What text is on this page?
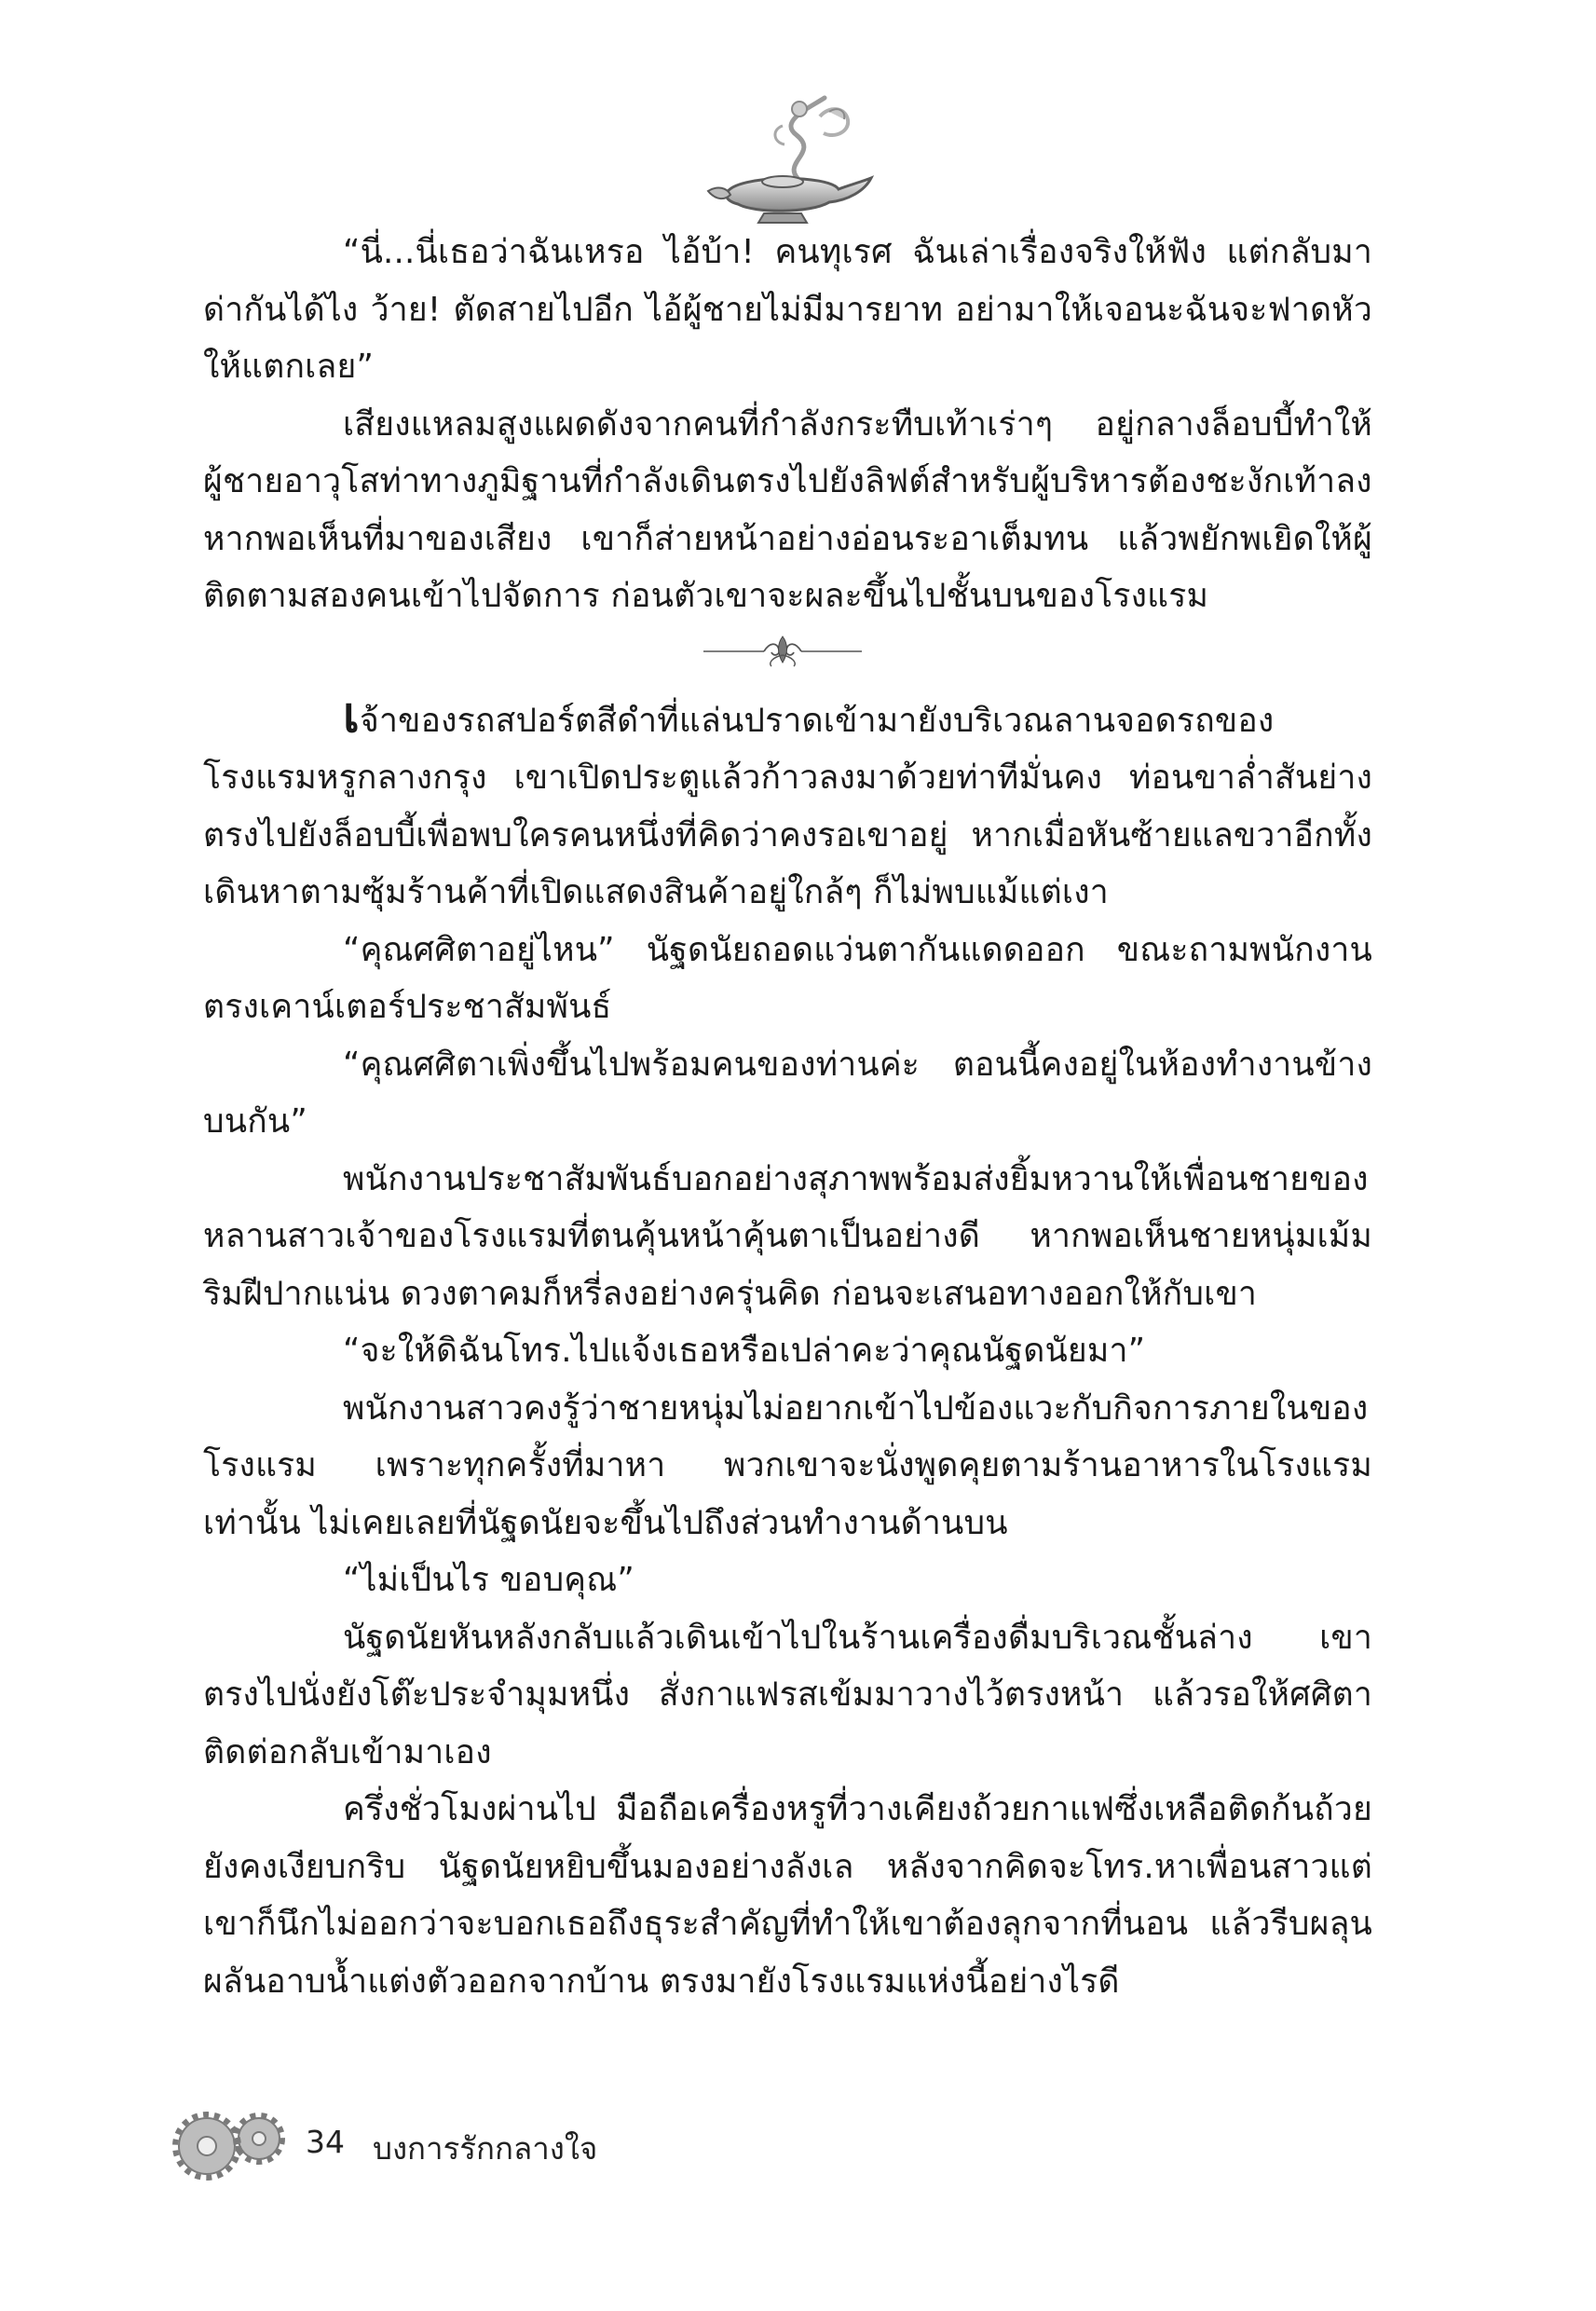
“นี่...นี่เธอว่าฉันเหรอ ไอ้บ้า! คนทุเรศ ฉันเล่าเรื่องจริงให้ฟัง แต่กลับมาด่ากันได้ไง ว้าย! ตัดสายไปอีก ไอ้ผู้ชายไม่มีมารยาท อย่ามาให้เจอนะฉันจะฟาดหัวให้แตกเลย”

เสียงแหลมสูงแผดดังจากคนที่กำลังกระทืบเท้าเร่าๆ อยู่กลางล็อบบี้ทำให้ผู้ชายอาวุโสท่าทางภูมิฐานที่กำลังเดินตรงไปยังลิฟต์สำหรับผู้บริหารต้องชะงักเท้าลง หากพอเห็นที่มาของเสียง เขาก็ส่ายหน้าอย่างอ่อนระอาเต็มทน แล้วพยักพเยิดให้ผู้ติดตามสองคนเข้าไปจัดการ ก่อนตัวเขาจะผละขึ้นไปชั้นบนของโรงแรม

เจ้าของรถสปอร์ตสีดำที่แล่นปราดเข้ามายังบริเวณลานจอดรถของโรงแรมหรูกลางกรุง เขาเปิดประตูแล้วก้าวลงมาด้วยท่าทีมั่นคง ท่อนขาล่ำสันย่างตรงไปยังล็อบบี้เพื่อพบใครคนหนึ่งที่คิดว่าคงรอเขาอยู่ หากเมื่อหันซ้ายแลขวาอีกทั้งเดินหาตามซุ้มร้านค้าที่เปิดแสดงสินค้าอยู่ใกล้ๆ ก็ไม่พบแม้แต่เงา

“คุณศศิตาอยู่ไหน” นัฐดนัยถอดแว่นตากันแดดออก ขณะถามพนักงานตรงเคาน์เตอร์ประชาสัมพันธ์

“คุณศศิตาเพิ่งขึ้นไปพร้อมคนของท่านค่ะ ตอนนี้คงอยู่ในห้องทำงานข้างบนกัน”

พนักงานประชาสัมพันธ์บอกอย่างสุภาพพร้อมส่งยิ้มหวานให้เพื่อนชายของหลานสาวเจ้าของโรงแรมที่ตนคุ้นหน้าคุ้นตาเป็นอย่างดี หากพอเห็นชายหนุ่มเม้มริมฝีปากแน่น ดวงตาคมก็หรี่ลงอย่างครุ่นคิด ก่อนจะเสนอทางออกให้กับเขา

“จะให้ดิฉันโทร.ไปแจ้งเธอหรือเปล่าคะว่าคุณนัฐดนัยมา”

พนักงานสาวคงรู้ว่าชายหนุ่มไม่อยากเข้าไปข้องแวะกับกิจการภายในของโรงแรม เพราะทุกครั้งที่มาหา พวกเขาจะนั่งพูดคุยตามร้านอาหารในโรงแรมเท่านั้น ไม่เคยเลยที่นัฐดนัยจะขึ้นไปถึงส่วนทำงานด้านบน

“ไม่เป็นไร ขอบคุณ”

นัฐดนัยหันหลังกลับแล้วเดินเข้าไปในร้านเครื่องดื่มบริเวณชั้นล่าง เขาตรงไปนั่งยังโต๊ะประจำมุมหนึ่ง สั่งกาแฟรสเข้มมาวางไว้ตรงหน้า แล้วรอให้ศศิตาติดต่อกลับเข้ามาเอง

ครึ่งชั่วโมงผ่านไป มือถือเครื่องหรูที่วางเคียงถ้วยกาแฟซึ่งเหลือติดก้นถ้วยยังคงเงียบกริบ นัฐดนัยหยิบขึ้นมองอย่างลังเล หลังจากคิดจะโทร.หาเพื่อนสาวแต่เขาก็นึกไม่ออกว่าจะบอกเธอถึงธุระสำคัญที่ทำให้เขาต้องลุกจากที่นอน แล้วรีบผลุนผลันอาบน้ำแต่งตัวออกจากบ้าน ตรงมายังโรงแรมแห่งนี้อย่างไรดี

34 บงการรักกลางใจ
